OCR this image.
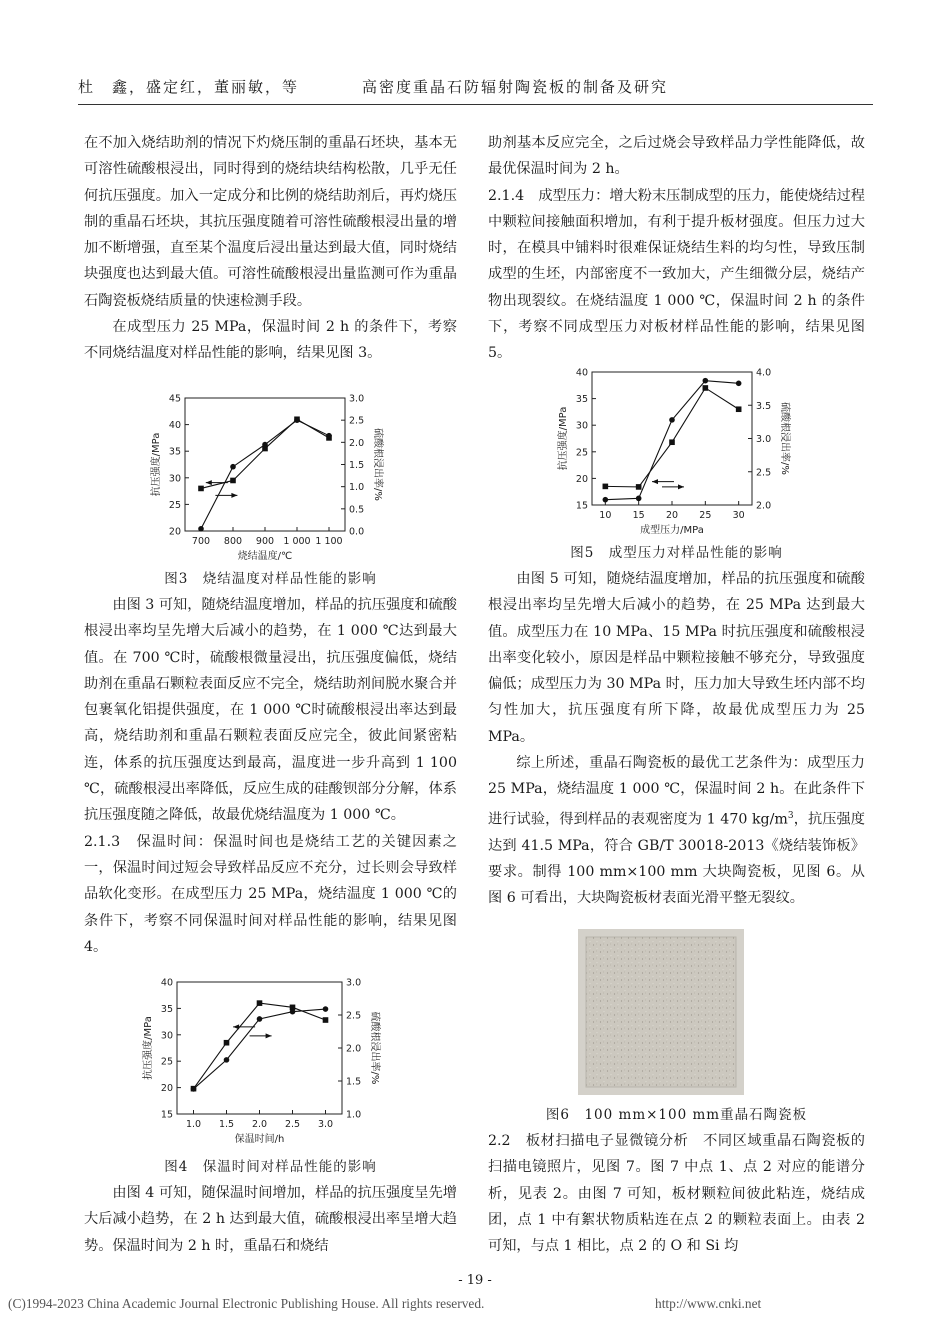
杜　鑫，盛定红，董丽敏，等	高密度重晶石防辐射陶瓷板的制备及研究

在不加入烧结助剂的情况下灼烧压制的重晶石坯块，基本无可溶性硫酸根浸出，同时得到的烧结块结构松散，几乎无任何抗压强度。加入一定成分和比例的烧结助剂后，再灼烧压制的重晶石坯块，其抗压强度随着可溶性硫酸根浸出量的增加不断增强，直至某个温度后浸出量达到最大值，同时烧结块强度也达到最大值。可溶性硫酸根浸出量监测可作为重晶石陶瓷板烧结质量的快速检测手段。

在成型压力 25 MPa，保温时间 2 h 的条件下，考察不同烧结温度对样品性能的影响，结果见图 3。

20
25
30
35
40
45
0.0
0.5
1.0
1.5
2.0
2.5
3.0
700 800 900 1 000 1 100
烧结温度/℃
抗压强度/MPa	硫酸根浸出率/%
图3　烧结温度对样品性能的影响

由图 3 可知，随烧结温度增加，样品的抗压强度和硫酸根浸出率均呈先增大后减小的趋势，在 1 000 ℃达到最大值。在 700 ℃时，硫酸根微量浸出，抗压强度偏低，烧结助剂在重晶石颗粒表面反应不完全，烧结助剂间脱水聚合并包裹氧化铝提供强度，在 1 000 ℃时硫酸根浸出率达到最高，烧结助剂和重晶石颗粒表面反应完全，彼此间紧密粘连，体系的抗压强度达到最高，温度进一步升高到 1 100 ℃，硫酸根浸出率降低，反应生成的硅酸钡部分分解，体系抗压强度随之降低，故最优烧结温度为 1 000 ℃。

2.1.3　保温时间：保温时间也是烧结工艺的关键因素之一，保温时间过短会导致样品反应不充分，过长则会导致样品软化变形。在成型压力 25 MPa，烧结温度 1 000 ℃的条件下，考察不同保温时间对样品性能的影响，结果见图 4。

15
20
25
30
35
40
1.0
1.5
2.0
2.5
3.0
1.0 1.5 2.0 2.5 3.0
保温时间/h
抗压强度/MPa	硫酸根浸出率/%
图4　保温时间对样品性能的影响

由图 4 可知，随保温时间增加，样品的抗压强度呈先增大后减小趋势，在 2 h 达到最大值，硫酸根浸出率呈增大趋势。保温时间为 2 h 时，重晶石和烧结

助剂基本反应完全，之后过烧会导致样品力学性能降低，故最优保温时间为 2 h。

2.1.4　成型压力：增大粉末压制成型的压力，能使烧结过程中颗粒间接触面积增加，有利于提升板材强度。但压力过大时，在模具中铺料时很难保证烧结生料的均匀性，导致压制成型的生坯，内部密度不一致加大，产生细微分层，烧结产物出现裂纹。在烧结温度 1 000 ℃，保温时间 2 h 的条件下，考察不同成型压力对板材样品性能的影响，结果见图 5。

15
20
25
30
35
40
2.0
2.5
3.0
3.5
4.0
10 15 20 25 30
成型压力/MPa
抗压强度/MPa	硫酸根浸出率/%
图5　成型压力对样品性能的影响

由图 5 可知，随烧结温度增加，样品的抗压强度和硫酸根浸出率均呈先增大后减小的趋势，在 25 MPa 达到最大值。成型压力在 10 MPa、15 MPa 时抗压强度和硫酸根浸出率变化较小，原因是样品中颗粒接触不够充分，导致强度偏低；成型压力为 30 MPa 时，压力加大导致生坯内部不均匀性加大，抗压强度有所下降，故最优成型压力为 25 MPa。

综上所述，重晶石陶瓷板的最优工艺条件为：成型压力 25 MPa，烧结温度 1 000 ℃，保温时间 2 h。在此条件下进行试验，得到样品的表观密度为 1 470 $kg/m^3$，抗压强度达到 41.5 MPa，符合 GB/T 30018-2013《烧结装饰板》要求。制得 100 mm×100 mm 大块陶瓷板，见图 6。从图 6 可看出，大块陶瓷板材表面光滑平整无裂纹。

图6　100 mm×100 mm重晶石陶瓷板

2.2　板材扫描电子显微镜分析　不同区域重晶石陶瓷板的扫描电镜照片，见图 7。图 7 中点 1、点 2 对应的能谱分析，见表 2。由图 7 可知，板材颗粒间彼此粘连，烧结成团，点 1 中有絮状物质粘连在点 2 的颗粒表面上。由表 2 可知，与点 1 相比，点 2 的 O 和 Si 均

- 19 -
(C)1994-2023 China Academic Journal Electronic Publishing House. All rights reserved.	http://www.cnki.net
